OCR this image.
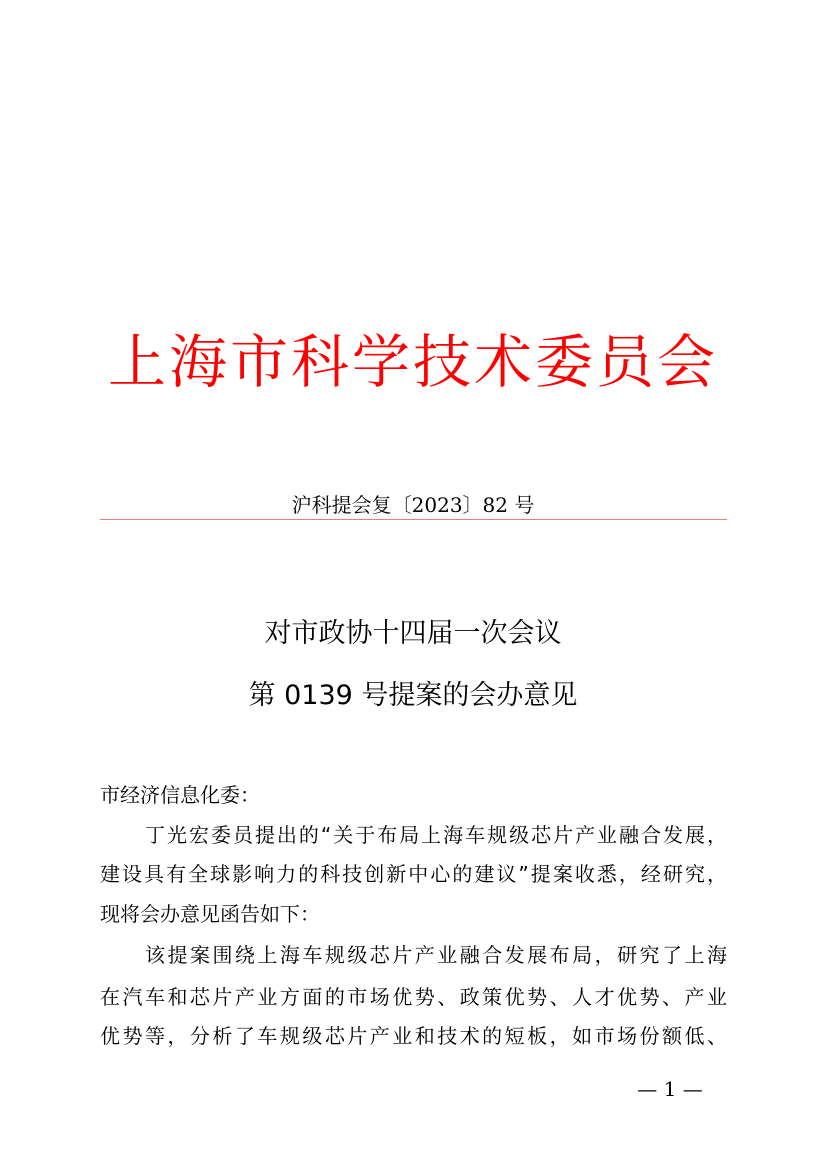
上海市科学技术委员会
沪科提会复〔2023〕82 号
对市政协十四届一次会议
第 0139 号提案的会办意见
市经济信息化委：
丁光宏委员提出的“关于布局上海车规级芯片产业融合发展，
建设具有全球影响力的科技创新中心的建议”提案收悉，经研究，
现将会办意见函告如下：
该提案围绕上海车规级芯片产业融合发展布局，研究了上海
在汽车和芯片产业方面的市场优势、政策优势、人才优势、产业
优势等，分析了车规级芯片产业和技术的短板，如市场份额低、
— 1 —
